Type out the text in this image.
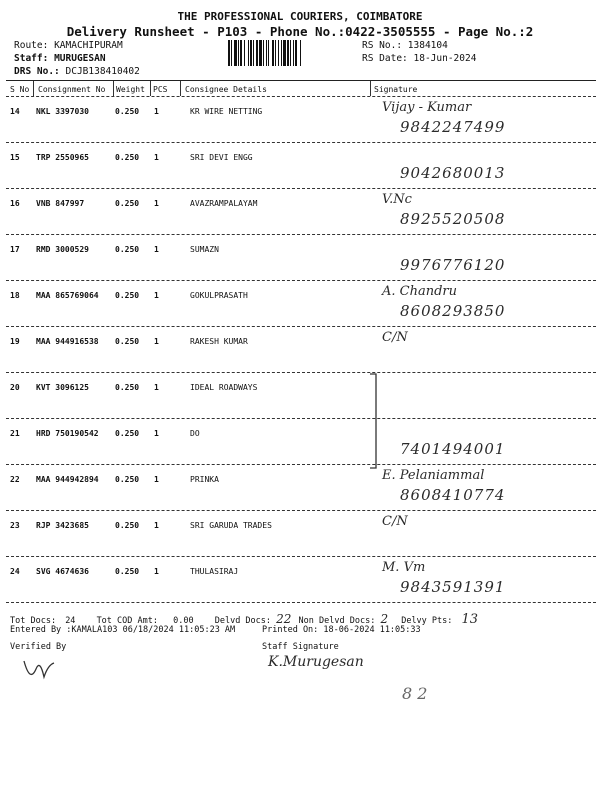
THE PROFESSIONAL COURIERS, COIMBATORE
Delivery Runsheet - P103 - Phone No.:0422-3505555 - Page No.:2
Route: KAMACHIPURAM
Staff: MURUGESAN
DRS No.: DCJB138410402
RS No.: 1384104
RS Date: 18-Jun-2024
S No Consignment No Weight PCS Consignee Details	Signature
14 NKL 3397030	0.250 1	KR WIRE NETTING	Vijay - Kumar
9842247499
15 TRP 2550965	0.250 1	SRI DEVI ENGG
9042680013
16 VNB 847997	0.250 1	AVAZRAMPALAYAM	V.Nc
8925520508
17 RMD 3000529	0.250 1	SUMAZN
9976776120
18 MAA 865769064 0.250 1	GOKULPRASATH	A. Chandru
8608293850
19 MAA 944916538 0.250 1	RAKESH KUMAR	C/N
20 KVT 3096125	0.250 1	IDEAL ROADWAYS
21 HRD 750190542 0.250 1	DO
7401494001
22 MAA 944942894 0.250 1	PRINKA	E. Pelaniammal
8608410774
23 RJP 3423685	0.250 1	SRI GARUDA TRADES	C/N
24 SVG 4674636	0.250 1	THULASIRAJ	M. Vm
9843591391
Tot Docs: 24 Tot COD Amt: 0.00 Delvd Docs: 22 Non Delvd Docs: 2 Delvy Pts: 13
Entered By :KAMALA103 06/18/2024 11:05:23 AM	Printed On: 18-06-2024 11:05:33
Verified By	Staff Signature
K.Murugesan
8 2
